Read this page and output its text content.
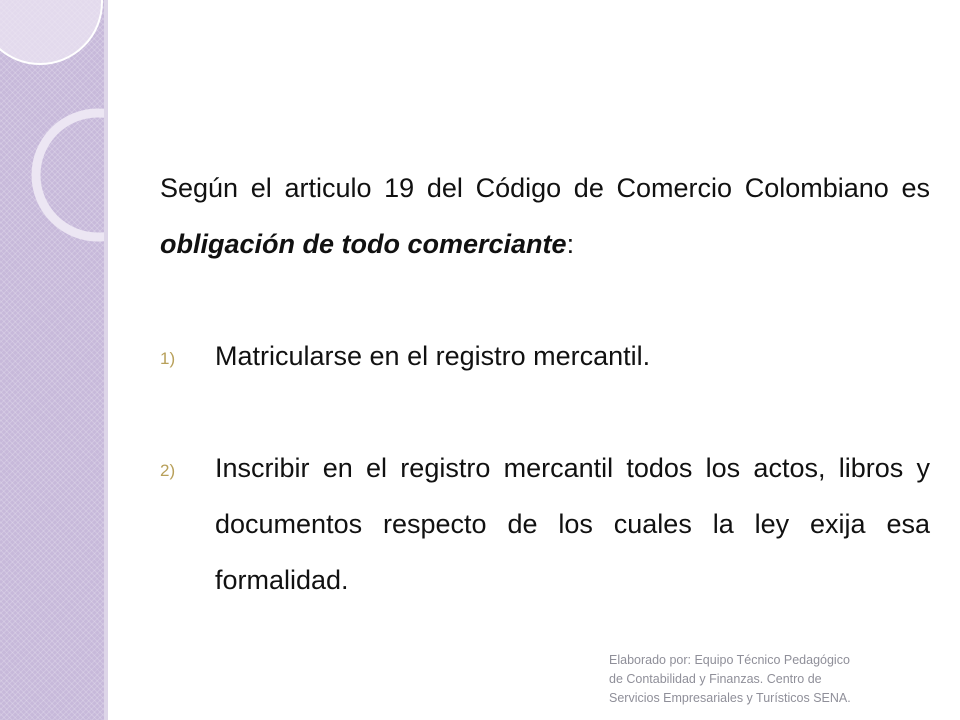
Según el articulo 19 del Código de Comercio Colombiano es obligación de todo comerciante:

1) Matricularse en el registro mercantil.

2) Inscribir en el registro mercantil todos los actos, libros y documentos respecto de los cuales la ley exija esa formalidad.

Elaborado por: Equipo Técnico Pedagógico
de Contabilidad y Finanzas. Centro de
Servicios Empresariales y Turísticos SENA.
